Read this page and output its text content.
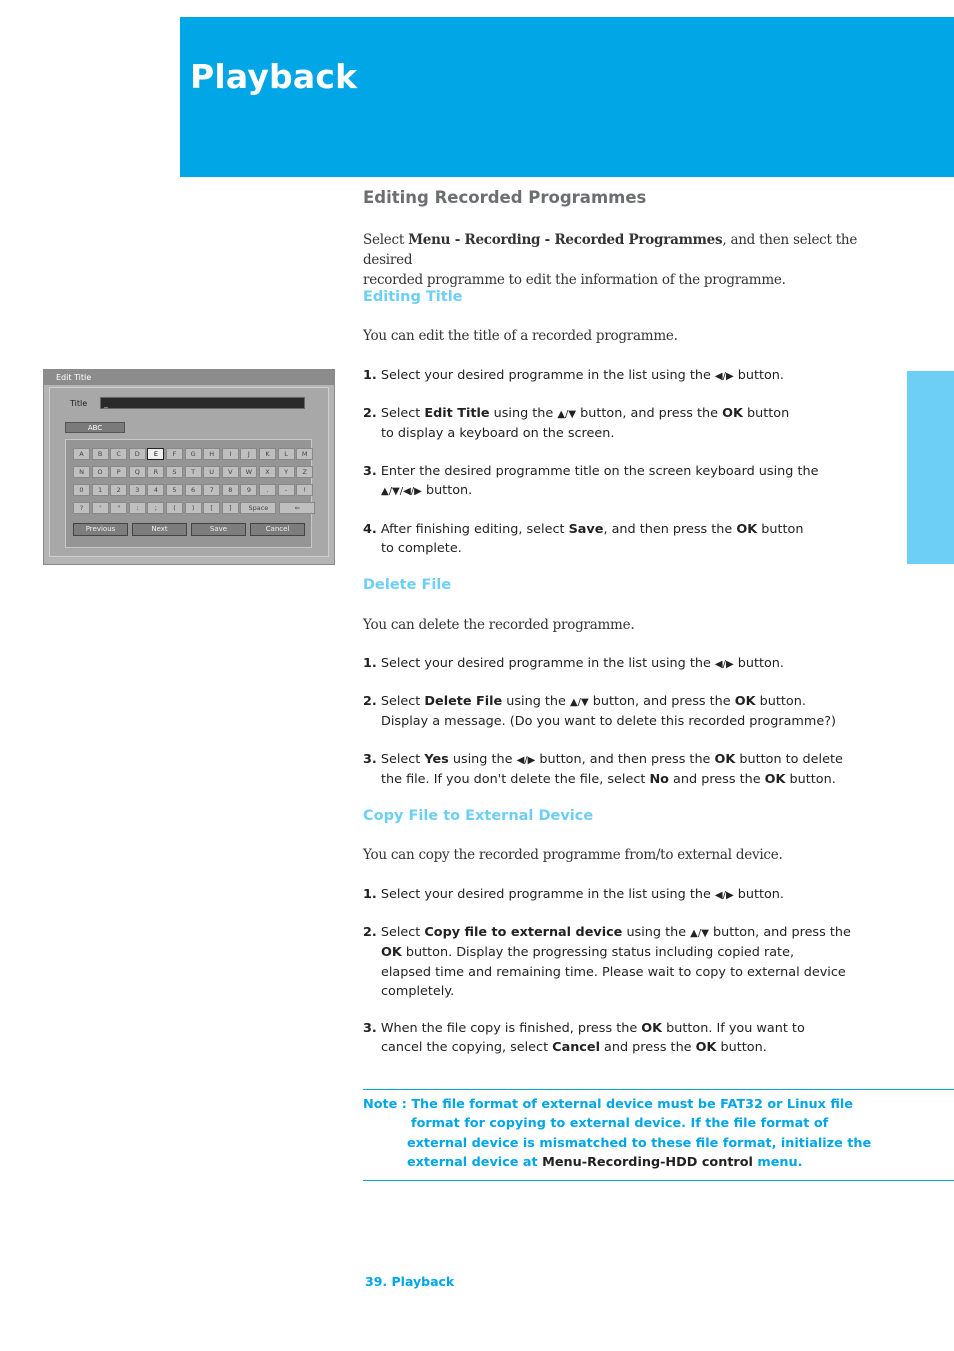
Playback
Edit Title
Title	_
ABC
Previous	Next	Save	Cancel
A	B	C	D	E	F	G	H	I	J	K	L	M
N	O	P	Q	R	S	T	U	V	W	X	Y	Z
0	1	2	3	4	5	6	7	8	9	.	-	!
?	'	"	:	;	(	)	[	]	Space	⇐
Editing Recorded Programmes
Select Menu - Recording - Recorded Programmes, and then select the desired
recorded programme to edit the information of the programme.
Editing Title
You can edit the title of a recorded programme.
1. Select your desired programme in the list using the ◀/▶ button.
2. Select Edit Title using the ▲/▼ button, and press the OK button
to display a keyboard on the screen.
3. Enter the desired programme title on the screen keyboard using the
▲/▼/◀/▶ button.
4. After finishing editing, select Save, and then press the OK button
to complete.
Delete File
You can delete the recorded programme.
1. Select your desired programme in the list using the ◀/▶ button.
2. Select Delete File using the ▲/▼ button, and press the OK button.
Display a message. (Do you want to delete this recorded programme?)
3. Select Yes using the ◀/▶ button, and then press the OK button to delete
the file. If you don't delete the file, select No and press the OK button.
Copy File to External Device
You can copy the recorded programme from/to external device.
1. Select your desired programme in the list using the ◀/▶ button.
2. Select Copy file to external device using the ▲/▼ button, and press the
OK button. Display the progressing status including copied rate,
elapsed time and remaining time. Please wait to copy to external device
completely.
3. When the file copy is finished, press the OK button. If you want to
cancel the copying, select Cancel and press the OK button.
Note : The file format of external device must be FAT32 or Linux file
format for copying to external device. If the file format of
external device is mismatched to these file format, initialize the
external device at Menu-Recording-HDD control menu.
39. Playback
